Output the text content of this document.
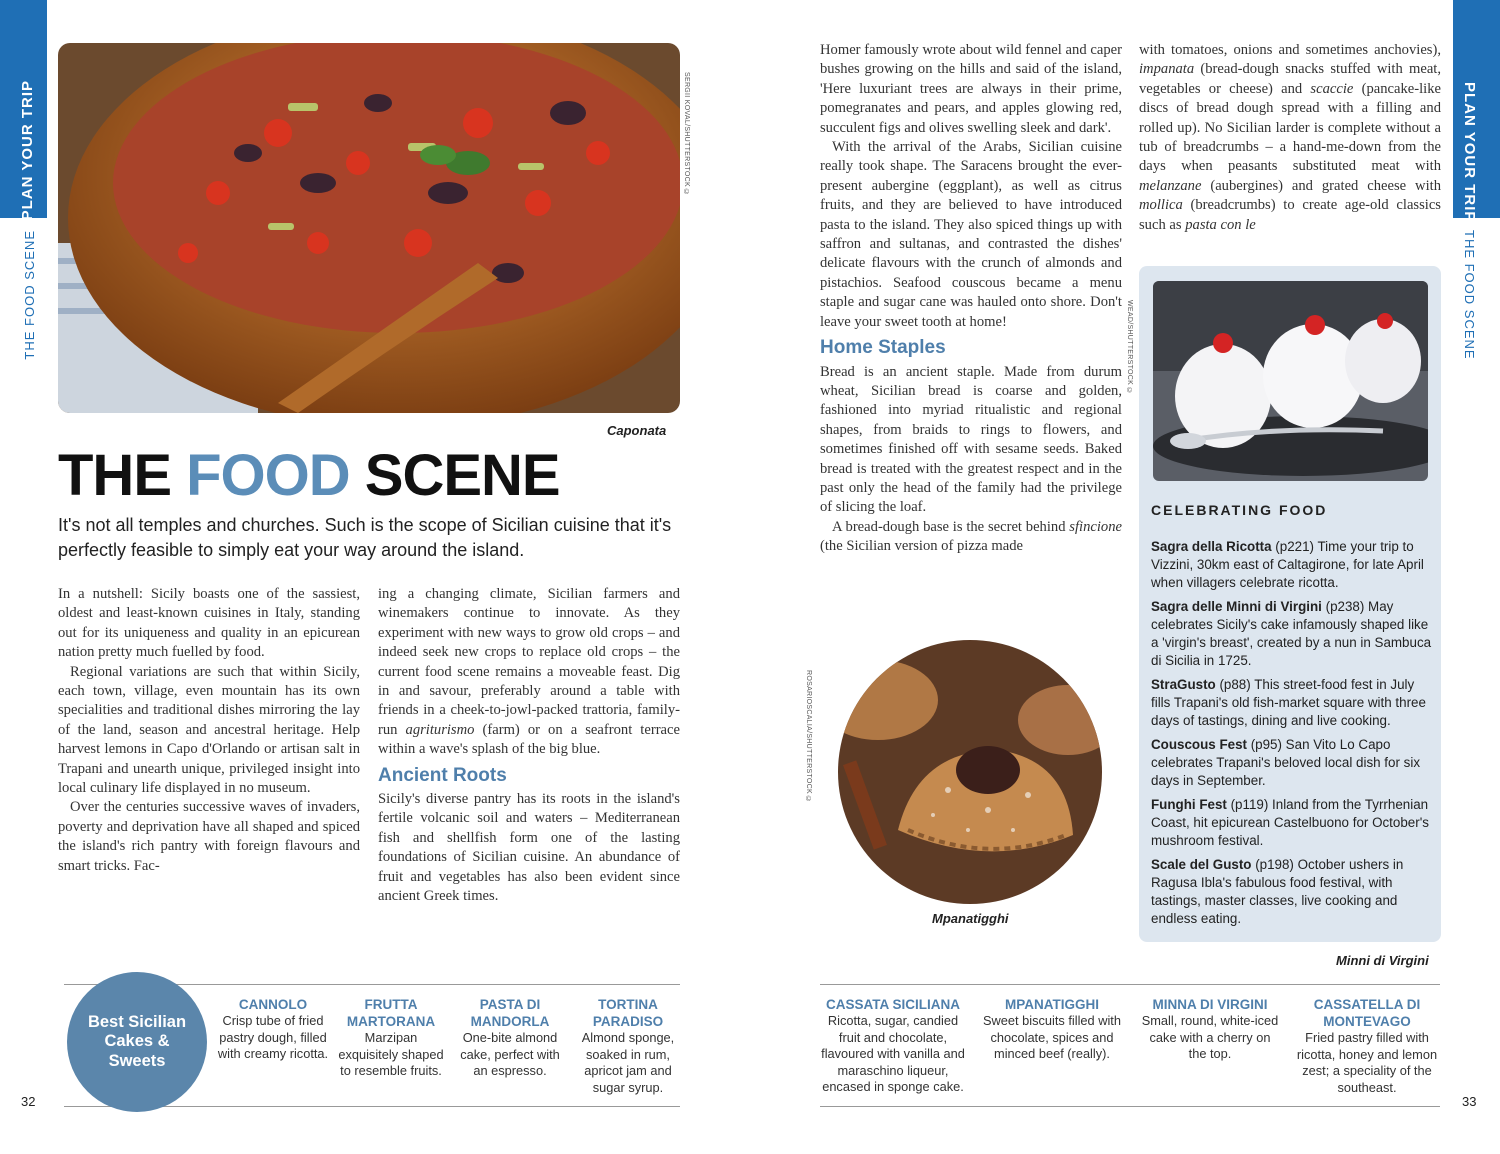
PLAN YOUR TRIP
THE FOOD SCENE
PLAN YOUR TRIP
THE FOOD SCENE
SERGII KOVAL/SHUTTERSTOCK ©
Caponata
THE FOOD SCENE
It's not all temples and churches. Such is the scope of Sicilian cuisine that it's perfectly feasible to simply eat your way around the island.

In a nutshell: Sicily boasts one of the sassiest, oldest and least-known cuisines in Italy, standing out for its uniqueness and quality in an epicurean nation pretty much fuelled by food.

Regional variations are such that within Sicily, each town, village, even mountain has its own specialities and traditional dishes mirroring the lay of the land, season and ancestral heritage. Help harvest lemons in Capo d'Orlando or artisan salt in Trapani and unearth unique, privileged insight into local culinary life displayed in no museum.

Over the centuries successive waves of invaders, poverty and deprivation have all shaped and spiced the island's rich pantry with foreign flavours and smart tricks. Fac-

ing a changing climate, Sicilian farmers and winemakers continue to innovate. As they experiment with new ways to grow old crops – and indeed seek new crops to replace old crops – the current food scene remains a moveable feast. Dig in and savour, preferably around a table with friends in a cheek-to-jowl-packed trattoria, family-run agriturismo (farm) or on a seafront terrace within a wave's splash of the big blue.

Ancient Roots

Sicily's diverse pantry has its roots in the island's fertile volcanic soil and waters – Mediterranean fish and shellfish form one of the lasting foundations of Sicilian cuisine. An abundance of fruit and vegetables has also been evident since ancient Greek times.

Homer famously wrote about wild fennel and caper bushes growing on the hills and said of the island, 'Here luxuriant trees are always in their prime, pomegranates and pears, and apples glowing red, succulent figs and olives swelling sleek and dark'.

With the arrival of the Arabs, Sicilian cuisine really took shape. The Saracens brought the ever-present aubergine (eggplant), as well as citrus fruits, and they are believed to have introduced pasta to the island. They also spiced things up with saffron and sultanas, and contrasted the dishes' delicate flavours with the crunch of almonds and pistachios. Seafood couscous became a menu staple and sugar cane was hauled onto shore. Don't leave your sweet tooth at home!

Home Staples

Bread is an ancient staple. Made from durum wheat, Sicilian bread is coarse and golden, fashioned into myriad ritualistic and regional shapes, from braids to rings to flowers, and sometimes finished off with sesame seeds. Baked bread is treated with the greatest respect and in the past only the head of the family had the privilege of slicing the loaf.

A bread-dough base is the secret behind sfincione (the Sicilian version of pizza made

WEAD/SHUTTERSTOCK ©

with tomatoes, onions and sometimes anchovies), impanata (bread-dough snacks stuffed with meat, vegetables or cheese) and scaccie (pancake-like discs of bread dough spread with a filling and rolled up). No Sicilian larder is complete without a tub of breadcrumbs – a hand-me-down from the days when peasants substituted meat with melanzane (aubergines) and grated cheese with mollica (breadcrumbs) to create age-old classics such as pasta con le

ROSARIOSCALIA/SHUTTERSTOCK ©
Mpanatigghi
CELEBRATING FOOD
Sagra della Ricotta (p221) Time your trip to Vizzini, 30km east of Caltagirone, for late April when villagers celebrate ricotta.
Sagra delle Minni di Virgini (p238) May celebrates Sicily's cake infamously shaped like a 'virgin's breast', created by a nun in Sambuca di Sicilia in 1725.
StraGusto (p88) This street-food fest in July fills Trapani's old fish-market square with three days of tastings, dining and live cooking.
Couscous Fest (p95) San Vito Lo Capo celebrates Trapani's beloved local dish for six days in September.
Funghi Fest (p119) Inland from the Tyrrhenian Coast, hit epicurean Castelbuono for October's mushroom festival.
Scale del Gusto (p198) October ushers in Ragusa Ibla's fabulous food festival, with tastings, master classes, live cooking and endless eating.
Minni di Virgini
Best Sicilian Cakes & Sweets
CANNOLO
Crisp tube of fried pastry dough, filled with creamy ricotta.
FRUTTA MARTORANA
Marzipan exquisitely shaped to resemble fruits.
PASTA DI MANDORLA
One-bite almond cake, perfect with an espresso.
TORTINA PARADISO
Almond sponge, soaked in rum, apricot jam and sugar syrup.
CASSATA SICILIANA
Ricotta, sugar, candied fruit and chocolate, flavoured with vanilla and maraschino liqueur, encased in sponge cake.
MPANATIGGHI
Sweet biscuits filled with chocolate, spices and minced beef (really).
MINNA DI VIRGINI
Small, round, white-iced cake with a cherry on the top.
CASSATELLA DI MONTEVAGO
Fried pastry filled with ricotta, honey and lemon zest; a speciality of the southeast.
32	33
